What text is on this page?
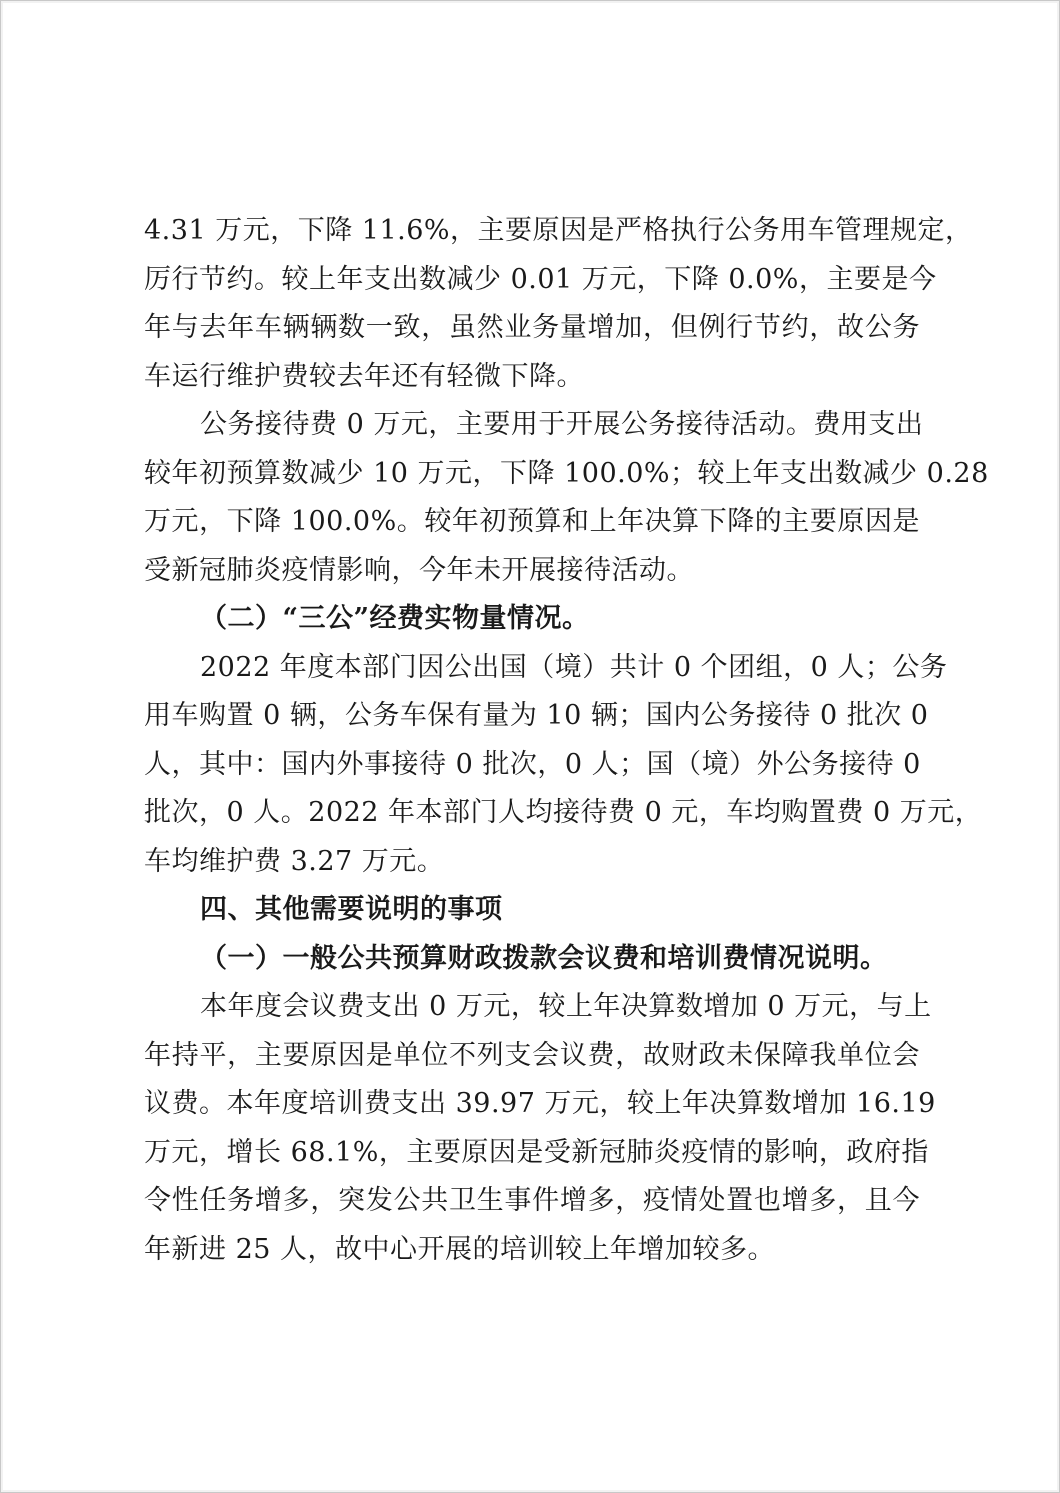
4.31 万元，下降 11.6%，主要原因是严格执行公务用车管理规定，
厉行节约。较上年支出数减少 0.01 万元，下降 0.0%，主要是今
年与去年车辆辆数一致，虽然业务量增加，但例行节约，故公务
车运行维护费较去年还有轻微下降。
公务接待费 0 万元，主要用于开展公务接待活动。费用支出
较年初预算数减少 10 万元，下降 100.0%；较上年支出数减少 0.28
万元，下降 100.0%。较年初预算和上年决算下降的主要原因是
受新冠肺炎疫情影响，今年未开展接待活动。
（二）“三公”经费实物量情况。
2022 年度本部门因公出国（境）共计 0 个团组，0 人；公务
用车购置 0 辆，公务车保有量为 10 辆；国内公务接待 0 批次 0
人，其中：国内外事接待 0 批次，0 人；国（境）外公务接待 0
批次，0 人。2022 年本部门人均接待费 0 元，车均购置费 0 万元，
车均维护费 3.27 万元。
四、其他需要说明的事项
（一）一般公共预算财政拨款会议费和培训费情况说明。
本年度会议费支出 0 万元，较上年决算数增加 0 万元，与上
年持平，主要原因是单位不列支会议费，故财政未保障我单位会
议费。本年度培训费支出 39.97 万元，较上年决算数增加 16.19
万元，增长 68.1%，主要原因是受新冠肺炎疫情的影响，政府指
令性任务增多，突发公共卫生事件增多，疫情处置也增多，且今
年新进 25 人，故中心开展的培训较上年增加较多。
